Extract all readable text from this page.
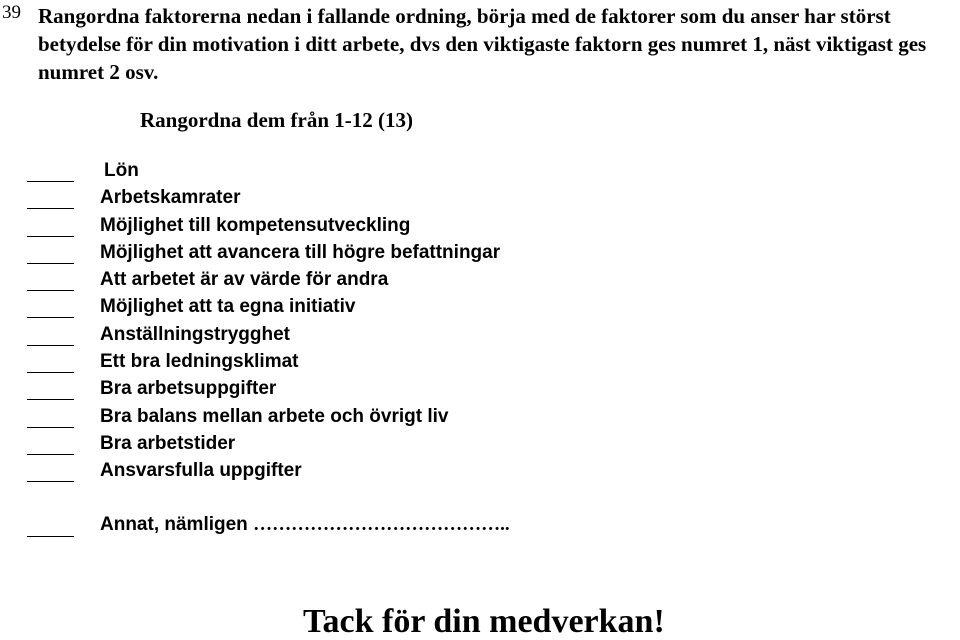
39 Rangordna faktorerna nedan i fallande ordning, börja med de faktorer som du anser har störst betydelse för din motivation i ditt arbete, dvs den viktigaste faktorn ges numret 1, näst viktigast ges numret 2 osv.

Rangordna dem från 1-12 (13)
Lön
Arbetskamrater
Möjlighet till kompetensutveckling
Möjlighet att avancera till högre befattningar
Att arbetet är av värde för andra
Möjlighet att ta egna initiativ
Anställningstrygghet
Ett bra ledningsklimat
Bra arbetsuppgifter
Bra balans mellan arbete och övrigt liv
Bra arbetstider
Ansvarsfulla uppgifter
Annat, nämligen …………………………………..
Tack för din medverkan!
